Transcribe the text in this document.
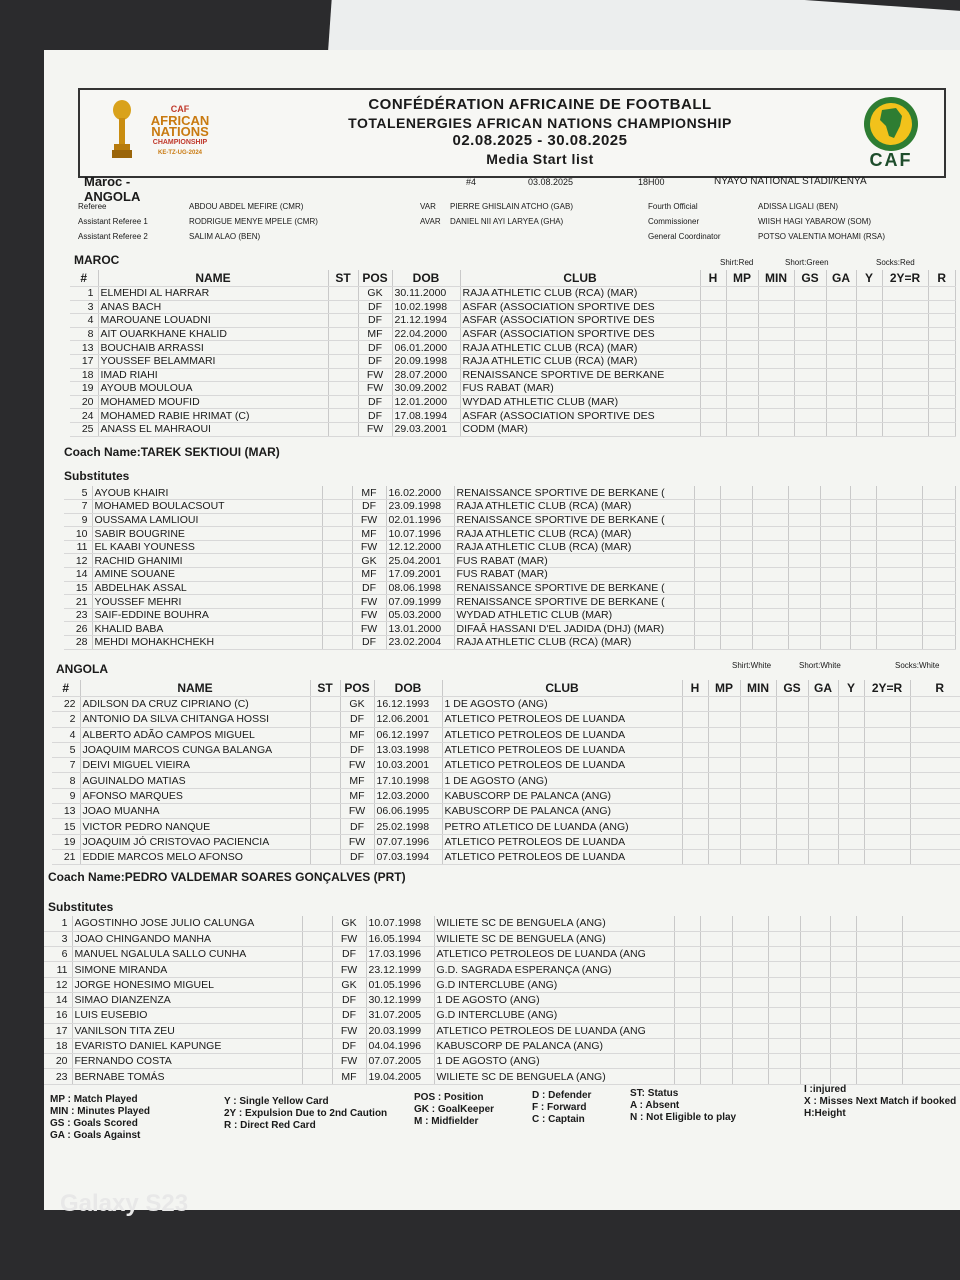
CAF
AFRICAN
NATIONS
CHAMPIONSHIP
KE-TZ-UG-2024
CONFÉDÉRATION AFRICAINE DE FOOTBALL
TOTALENERGIES AFRICAN NATIONS CHAMPIONSHIP
02.08.2025 - 30.08.2025
Media Start list	CAF
Maroc - ANGOLA
#4	03.08.2025	18H00	NYAYO NATIONAL STADI/KENYA
Referee	ABDOU ABDEL MEFIRE (CMR)	VAR PIERRE GHISLAIN ATCHO (GAB)	Fourth Official	ADISSA LIGALI (BEN)
Assistant Referee 1	RODRIGUE MENYE MPELE (CMR)	AVAR DANIEL NII AYI LARYEA (GHA)	Commissioner	WIISH HAGI YABAROW (SOM)
Assistant Referee 2	SALIM ALAO (BEN)	General Coordinator	POTSO VALENTIA MOHAMI (RSA)
MAROC	Shirt:Red	Short:Green	Socks:Red
#	NAME	ST	POS	DOB	CLUB	H	MP	MIN	GS	GA	Y	2Y=R	R
1	ELMEHDI AL HARRAR		GK	30.11.2000	RAJA ATHLETIC CLUB (RCA) (MAR)								
3	ANAS BACH		DF	10.02.1998	ASFAR (ASSOCIATION SPORTIVE DES								
4	MAROUANE LOUADNI		DF	21.12.1994	ASFAR (ASSOCIATION SPORTIVE DES								
8	AIT OUARKHANE KHALID		MF	22.04.2000	ASFAR (ASSOCIATION SPORTIVE DES								
13	BOUCHAIB ARRASSI		DF	06.01.2000	RAJA ATHLETIC CLUB (RCA) (MAR)								
17	YOUSSEF BELAMMARI		DF	20.09.1998	RAJA ATHLETIC CLUB (RCA) (MAR)								
18	IMAD RIAHI		FW	28.07.2000	RENAISSANCE SPORTIVE DE BERKANE								
19	AYOUB MOULOUA		FW	30.09.2002	FUS RABAT (MAR)								
20	MOHAMED MOUFID		DF	12.01.2000	WYDAD ATHLETIC CLUB (MAR)								
24	MOHAMED RABIE HRIMAT (C)		DF	17.08.1994	ASFAR (ASSOCIATION SPORTIVE DES								
25	ANASS EL MAHRAOUI		FW	29.03.2001	CODM (MAR)								
Coach Name:TAREK SEKTIOUI (MAR)
Substitutes
5	AYOUB KHAIRI		MF	16.02.2000	RENAISSANCE SPORTIVE DE BERKANE (								
7	MOHAMED BOULACSOUT		DF	23.09.1998	RAJA ATHLETIC CLUB (RCA) (MAR)								
9	OUSSAMA LAMLIOUI		FW	02.01.1996	RENAISSANCE SPORTIVE DE BERKANE (								
10	SABIR BOUGRINE		MF	10.07.1996	RAJA ATHLETIC CLUB (RCA) (MAR)								
11	EL KAABI YOUNESS		FW	12.12.2000	RAJA ATHLETIC CLUB (RCA) (MAR)								
12	RACHID GHANIMI		GK	25.04.2001	FUS RABAT (MAR)								
14	AMINE SOUANE		MF	17.09.2001	FUS RABAT (MAR)								
15	ABDELHAK ASSAL		DF	08.06.1998	RENAISSANCE SPORTIVE DE BERKANE (								
21	YOUSSEF MEHRI		FW	07.09.1999	RENAISSANCE SPORTIVE DE BERKANE (								
23	SAIF-EDDINE BOUHRA		FW	05.03.2000	WYDAD ATHLETIC CLUB (MAR)								
26	KHALID BABA		FW	13.01.2000	DIFAÂ HASSANI D'EL JADIDA (DHJ) (MAR)								
28	MEHDI MOHAKHCHEKH		DF	23.02.2004	RAJA ATHLETIC CLUB (RCA) (MAR)								
ANGOLA	Shirt:White	Short:White	Socks:White
#	NAME	ST	POS	DOB	CLUB	H	MP	MIN	GS	GA	Y	2Y=R	R
22	ADILSON DA CRUZ CIPRIANO (C)		GK	16.12.1993	1 DE AGOSTO (ANG)								
2	ANTONIO DA SILVA CHITANGA HOSSI		DF	12.06.2001	ATLETICO PETROLEOS DE LUANDA								
4	ALBERTO ADÃO CAMPOS MIGUEL		MF	06.12.1997	ATLETICO PETROLEOS DE LUANDA								
5	JOAQUIM MARCOS CUNGA BALANGA		DF	13.03.1998	ATLETICO PETROLEOS DE LUANDA								
7	DEIVI MIGUEL VIEIRA		FW	10.03.2001	ATLETICO PETROLEOS DE LUANDA								
8	AGUINALDO MATIAS		MF	17.10.1998	1 DE AGOSTO (ANG)								
9	AFONSO MARQUES		MF	12.03.2000	KABUSCORP DE PALANCA (ANG)								
13	JOAO MUANHA		FW	06.06.1995	KABUSCORP DE PALANCA (ANG)								
15	VICTOR PEDRO NANQUE		DF	25.02.1998	PETRO ATLETICO DE LUANDA (ANG)								
19	JOAQUIM JÓ CRISTOVAO PACIENCIA		FW	07.07.1996	ATLETICO PETROLEOS DE LUANDA								
21	EDDIE MARCOS MELO AFONSO		DF	07.03.1994	ATLETICO PETROLEOS DE LUANDA								
Coach Name:PEDRO VALDEMAR SOARES GONÇALVES (PRT)
Substitutes
1	AGOSTINHO JOSE JULIO CALUNGA		GK	10.07.1998	WILIETE SC DE BENGUELA (ANG)								
3	JOAO CHINGANDO MANHA		FW	16.05.1994	WILIETE SC DE BENGUELA (ANG)								
6	MANUEL NGALULA SALLO CUNHA		DF	17.03.1996	ATLETICO PETROLEOS DE LUANDA (ANG								
11	SIMONE MIRANDA		FW	23.12.1999	G.D. SAGRADA ESPERANÇA (ANG)								
12	JORGE HONESIMO MIGUEL		GK	01.05.1996	G.D INTERCLUBE (ANG)								
14	SIMAO DIANZENZA		DF	30.12.1999	1 DE AGOSTO (ANG)								
16	LUIS EUSEBIO		DF	31.07.2005	G.D INTERCLUBE (ANG)								
17	VANILSON TITA ZEU		FW	20.03.1999	ATLETICO PETROLEOS DE LUANDA (ANG								
18	EVARISTO DANIEL KAPUNGE		DF	04.04.1996	KABUSCORP DE PALANCA (ANG)								
20	FERNANDO COSTA		FW	07.07.2005	1 DE AGOSTO (ANG)								
23	BERNABE TOMÁS		MF	19.04.2005	WILIETE SC DE BENGUELA (ANG)								
MP : Match Played
MIN : Minutes Played
GS : Goals Scored
GA : Goals Against
Y : Single Yellow Card
2Y : Expulsion Due to 2nd Caution
R : Direct Red Card
POS : Position
GK : GoalKeeper
M : Midfielder
D : Defender
F : Forward
C : Captain
ST: Status
A : Absent
N : Not Eligible to play
I :injured
X : Misses Next Match if booked
H:Height
Galaxy S23
